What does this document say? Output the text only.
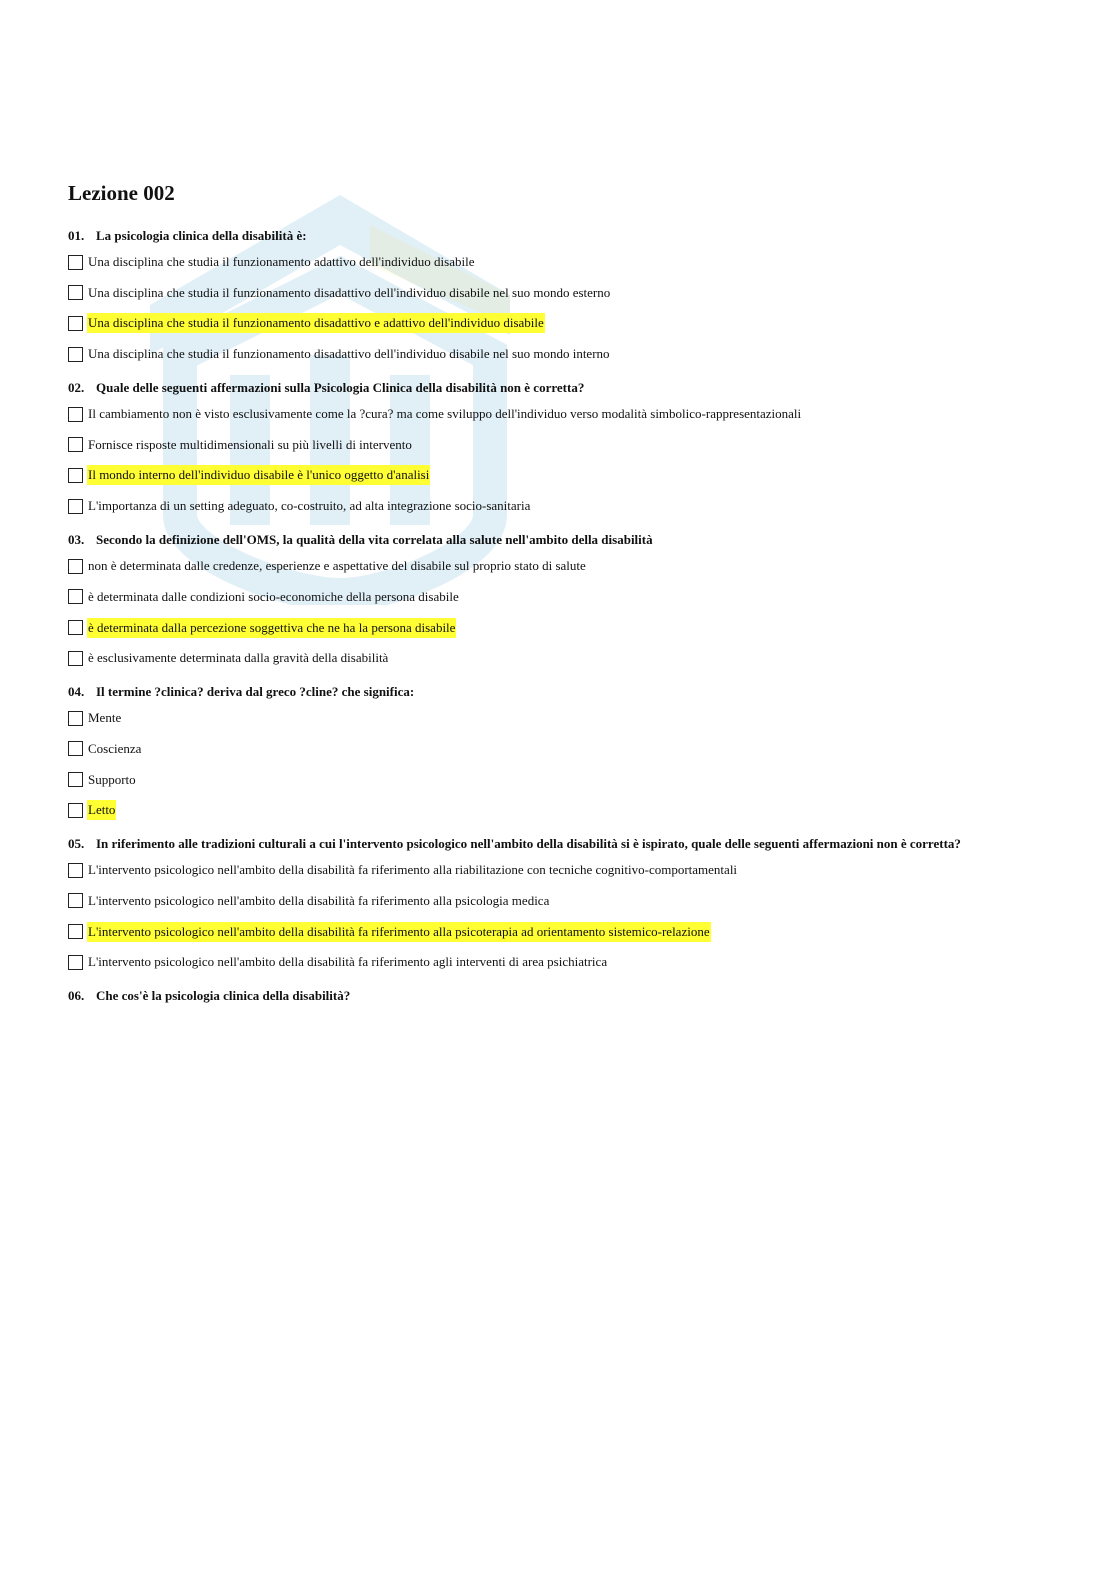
Lezione 002
01. La psicologia clinica della disabilità è:
Una disciplina che studia il funzionamento adattivo dell'individuo disabile
Una disciplina che studia il funzionamento disadattivo dell'individuo disabile nel suo mondo esterno
Una disciplina che studia il funzionamento disadattivo e adattivo dell'individuo disabile
Una disciplina che studia il funzionamento disadattivo dell'individuo disabile nel suo mondo interno
02. Quale delle seguenti affermazioni sulla Psicologia Clinica della disabilità non è corretta?
Il cambiamento non è visto esclusivamente come la ?cura? ma come sviluppo dell'individuo verso modalità simbolico-rappresentazionali
Fornisce risposte multidimensionali su più livelli di intervento
Il mondo interno dell'individuo disabile è l'unico oggetto d'analisi
L'importanza di un setting adeguato, co-costruito, ad alta integrazione socio-sanitaria
03. Secondo la definizione dell'OMS, la qualità della vita correlata alla salute nell'ambito della disabilità
non è determinata dalle credenze, esperienze e aspettative del disabile sul proprio stato di salute
è determinata dalle condizioni socio-economiche della persona disabile
è determinata dalla percezione soggettiva che ne ha la persona disabile
è esclusivamente determinata dalla gravità della disabilità
04. Il termine ?clinica? deriva dal greco ?cline? che significa:
Mente
Coscienza
Supporto
Letto
05. In riferimento alle tradizioni culturali a cui l'intervento psicologico nell'ambito della disabilità si è ispirato, quale delle seguenti affermazioni non è corretta?
L'intervento psicologico nell'ambito della disabilità fa riferimento alla riabilitazione con tecniche cognitivo-comportamentali
L'intervento psicologico nell'ambito della disabilità fa riferimento alla psicologia medica
L'intervento psicologico nell'ambito della disabilità fa riferimento alla psicoterapia ad orientamento sistemico-relazione
L'intervento psicologico nell'ambito della disabilità fa riferimento agli interventi di area psichiatrica
06. Che cos'è la psicologia clinica della disabilità?
